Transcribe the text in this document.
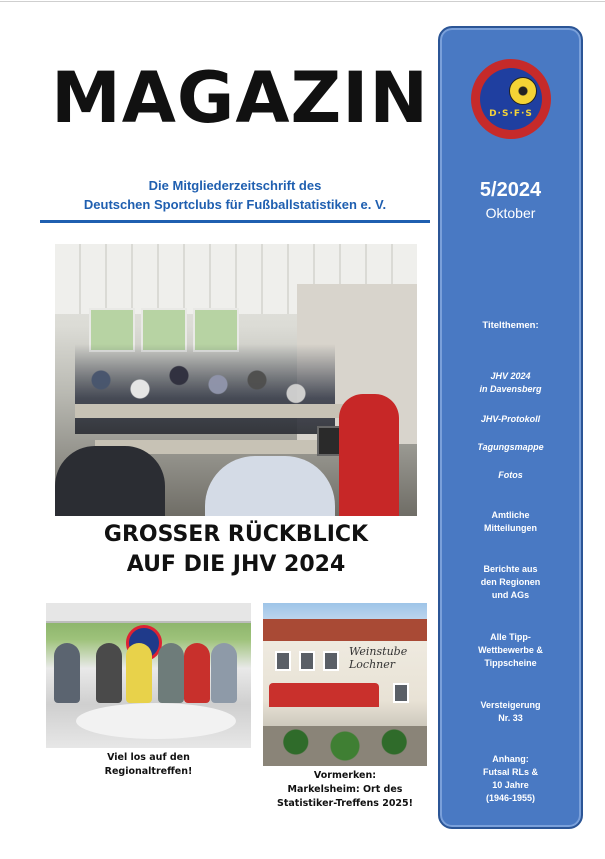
MAGAZIN
Die Mitgliederzeitschrift des
Deutschen Sportclubs für Fußballstatistiken e. V.
GROSSER RÜCKBLICK
AUF DIE JHV 2024
Weinstube Lochner
Viel los auf den
Regionaltreffen!	Vormerken:
Markelsheim: Ort des
Statistiker-Treffens 2025!
D·S·F·S
5/2024
Oktober
Titelthemen:
JHV 2024
in Davensberg
JHV-Protokoll
Tagungsmappe
Fotos
Amtliche
Mitteilungen
Berichte aus
den Regionen
und AGs
Alle Tipp-
Wettbewerbe &
Tippscheine
Versteigerung
Nr. 33
Anhang:
Futsal RLs &
10 Jahre
(1946-1955)
